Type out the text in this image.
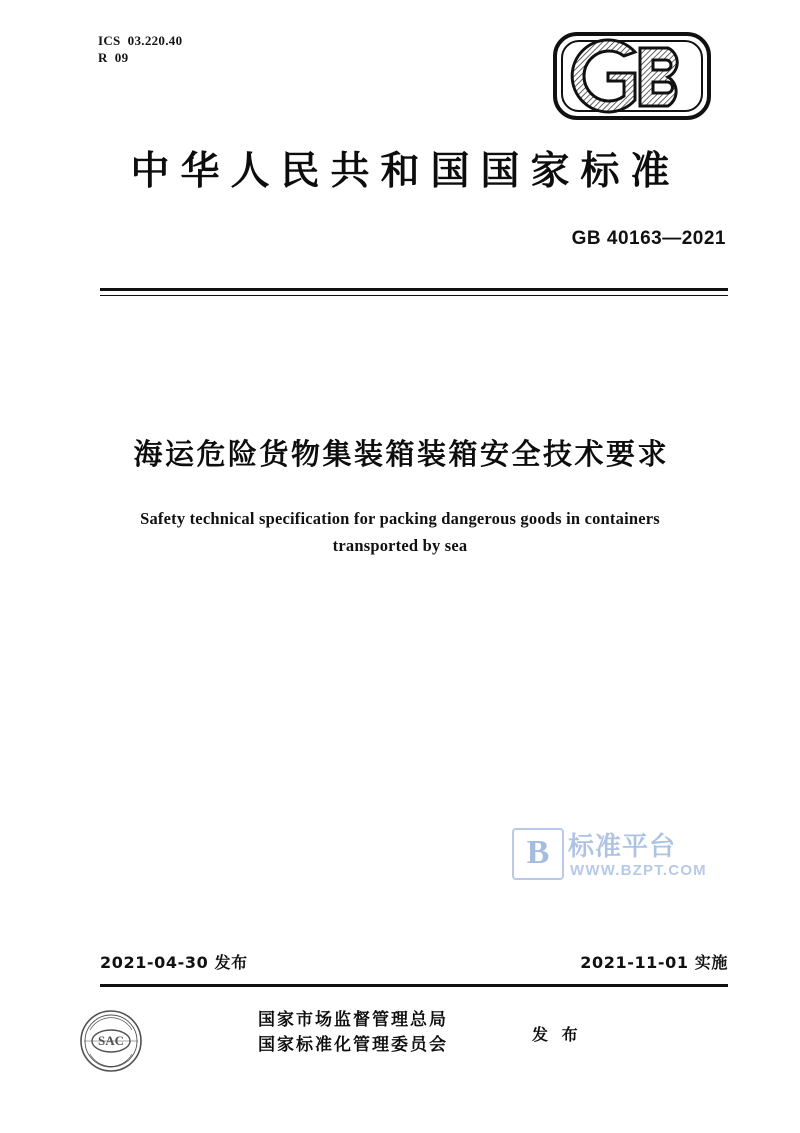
ICS  03.220.40
R  09
中华人民共和国国家标准
GB 40163—2021
海运危险货物集装箱装箱安全技术要求
Safety technical specification for packing dangerous goods in containers
transported by sea
B 标准平台
WWW.BZPT.COM
2021-04-30 发布	2021-11-01 实施
SAC
国家市场监督管理总局
国家标准化管理委员会
发 布
